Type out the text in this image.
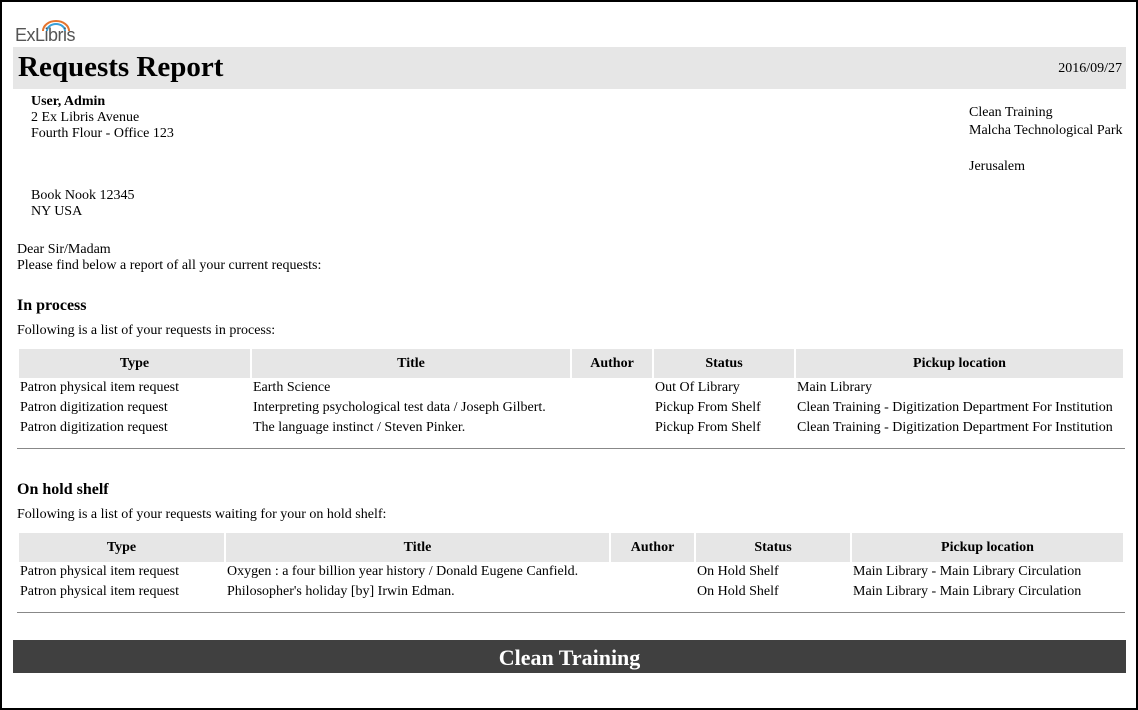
ExLibris
Requests Report	2016/09/27
User, Admin
2 Ex Libris Avenue
Fourth Flour - Office 123
Book Nook 12345
NY USA
Clean Training
Malcha Technological Park
Jerusalem
Dear Sir/Madam
Please find below a report of all your current requests:
In process
Following is a list of your requests in process:
Type	Title	Author	Status	Pickup location
Patron physical item request	Earth Science		Out Of Library	Main Library
Patron digitization request	Interpreting psychological test data / Joseph Gilbert.		Pickup From Shelf	Clean Training - Digitization Department For Institution
Patron digitization request	The language instinct / Steven Pinker.		Pickup From Shelf	Clean Training - Digitization Department For Institution
On hold shelf
Following is a list of your requests waiting for your on hold shelf:
Type	Title	Author	Status	Pickup location
Patron physical item request	Oxygen : a four billion year history / Donald Eugene Canfield.		On Hold Shelf	Main Library - Main Library Circulation
Patron physical item request	Philosopher's holiday [by] Irwin Edman.		On Hold Shelf	Main Library - Main Library Circulation
Clean Training
